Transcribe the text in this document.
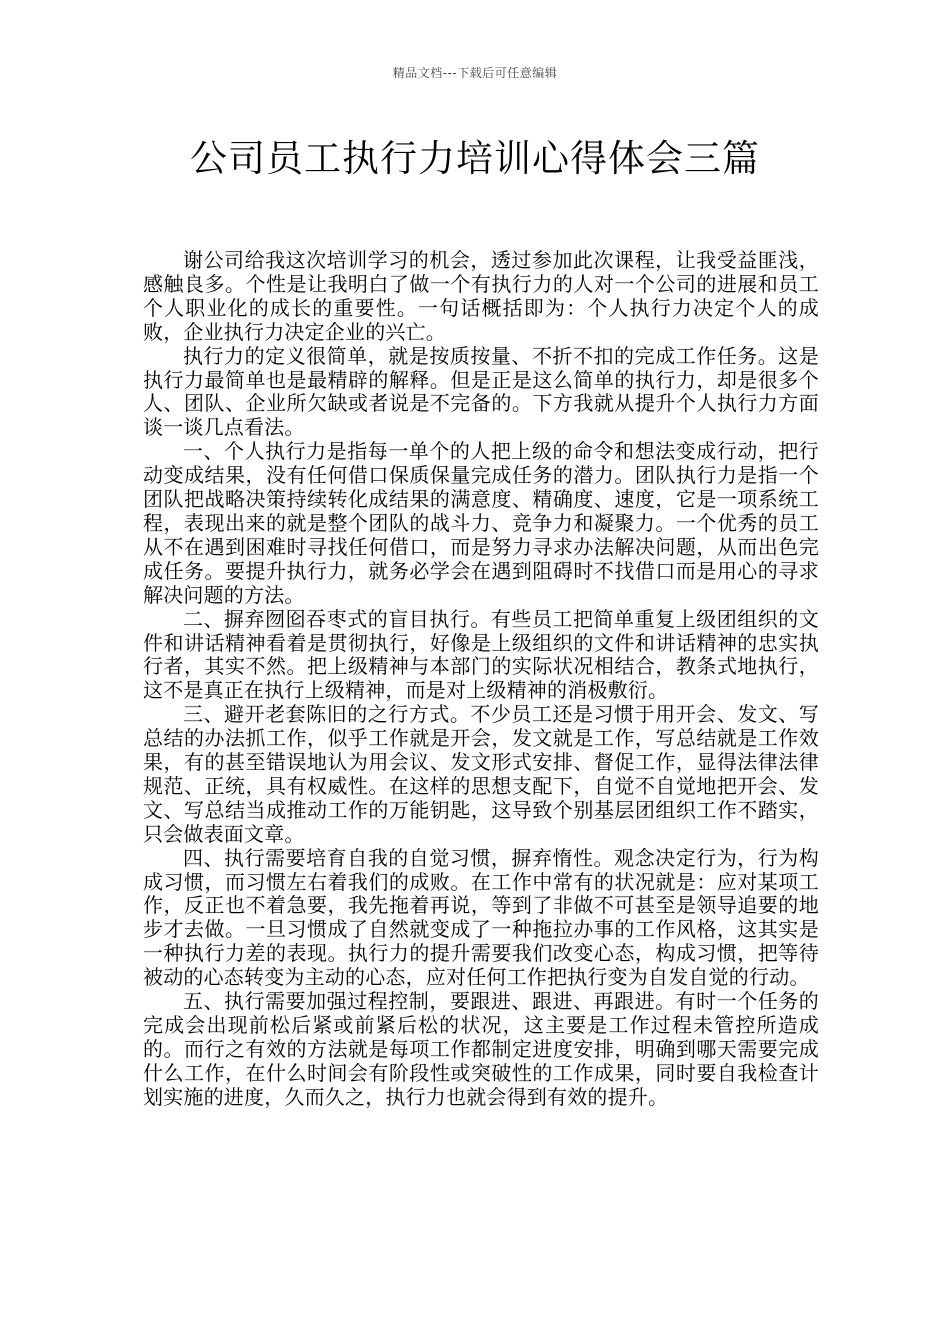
精品文档---下载后可任意编辑
公司员工执行力培训心得体会三篇

谢公司给我这次培训学习的机会，透过参加此次课程，让我受益匪浅，感触良多。个性是让我明白了做一个有执行力的人对一个公司的进展和员工个人职业化的成长的重要性。一句话概括即为：个人执行力决定个人的成败，企业执行力决定企业的兴亡。

执行力的定义很简单，就是按质按量、不折不扣的完成工作任务。这是执行力最简单也是最精辟的解释。但是正是这么简单的执行力，却是很多个人、团队、企业所欠缺或者说是不完备的。下方我就从提升个人执行力方面谈一谈几点看法。

一、个人执行力是指每一单个的人把上级的命令和想法变成行动，把行动变成结果，没有任何借口保质保量完成任务的潜力。团队执行力是指一个团队把战略决策持续转化成结果的满意度、精确度、速度，它是一项系统工程，表现出来的就是整个团队的战斗力、竞争力和凝聚力。一个优秀的员工从不在遇到困难时寻找任何借口，而是努力寻求办法解决问题，从而出色完成任务。要提升执行力，就务必学会在遇到阻碍时不找借口而是用心的寻求解决问题的方法。

二、摒弃囫囵吞枣式的盲目执行。有些员工把简单重复上级团组织的文件和讲话精神看着是贯彻执行，好像是上级组织的文件和讲话精神的忠实执行者，其实不然。把上级精神与本部门的实际状况相结合，教条式地执行，这不是真正在执行上级精神，而是对上级精神的消极敷衍。

三、避开老套陈旧的之行方式。不少员工还是习惯于用开会、发文、写总结的办法抓工作，似乎工作就是开会，发文就是工作，写总结就是工作效果，有的甚至错误地认为用会议、发文形式安排、督促工作，显得法律法律规范、正统，具有权威性。在这样的思想支配下，自觉不自觉地把开会、发文、写总结当成推动工作的万能钥匙，这导致个别基层团组织工作不踏实，只会做表面文章。

四、执行需要培育自我的自觉习惯，摒弃惰性。观念决定行为，行为构成习惯，而习惯左右着我们的成败。在工作中常有的状况就是：应对某项工作，反正也不着急要，我先拖着再说，等到了非做不可甚至是领导追要的地步才去做。一旦习惯成了自然就变成了一种拖拉办事的工作风格，这其实是一种执行力差的表现。执行力的提升需要我们改变心态，构成习惯，把等待被动的心态转变为主动的心态，应对任何工作把执行变为自发自觉的行动。

五、执行需要加强过程控制，要跟进、跟进、再跟进。有时一个任务的完成会出现前松后紧或前紧后松的状况，这主要是工作过程未管控所造成的。而行之有效的方法就是每项工作都制定进度安排，明确到哪天需要完成什么工作，在什么时间会有阶段性或突破性的工作成果，同时要自我检查计划实施的进度，久而久之，执行力也就会得到有效的提升。
